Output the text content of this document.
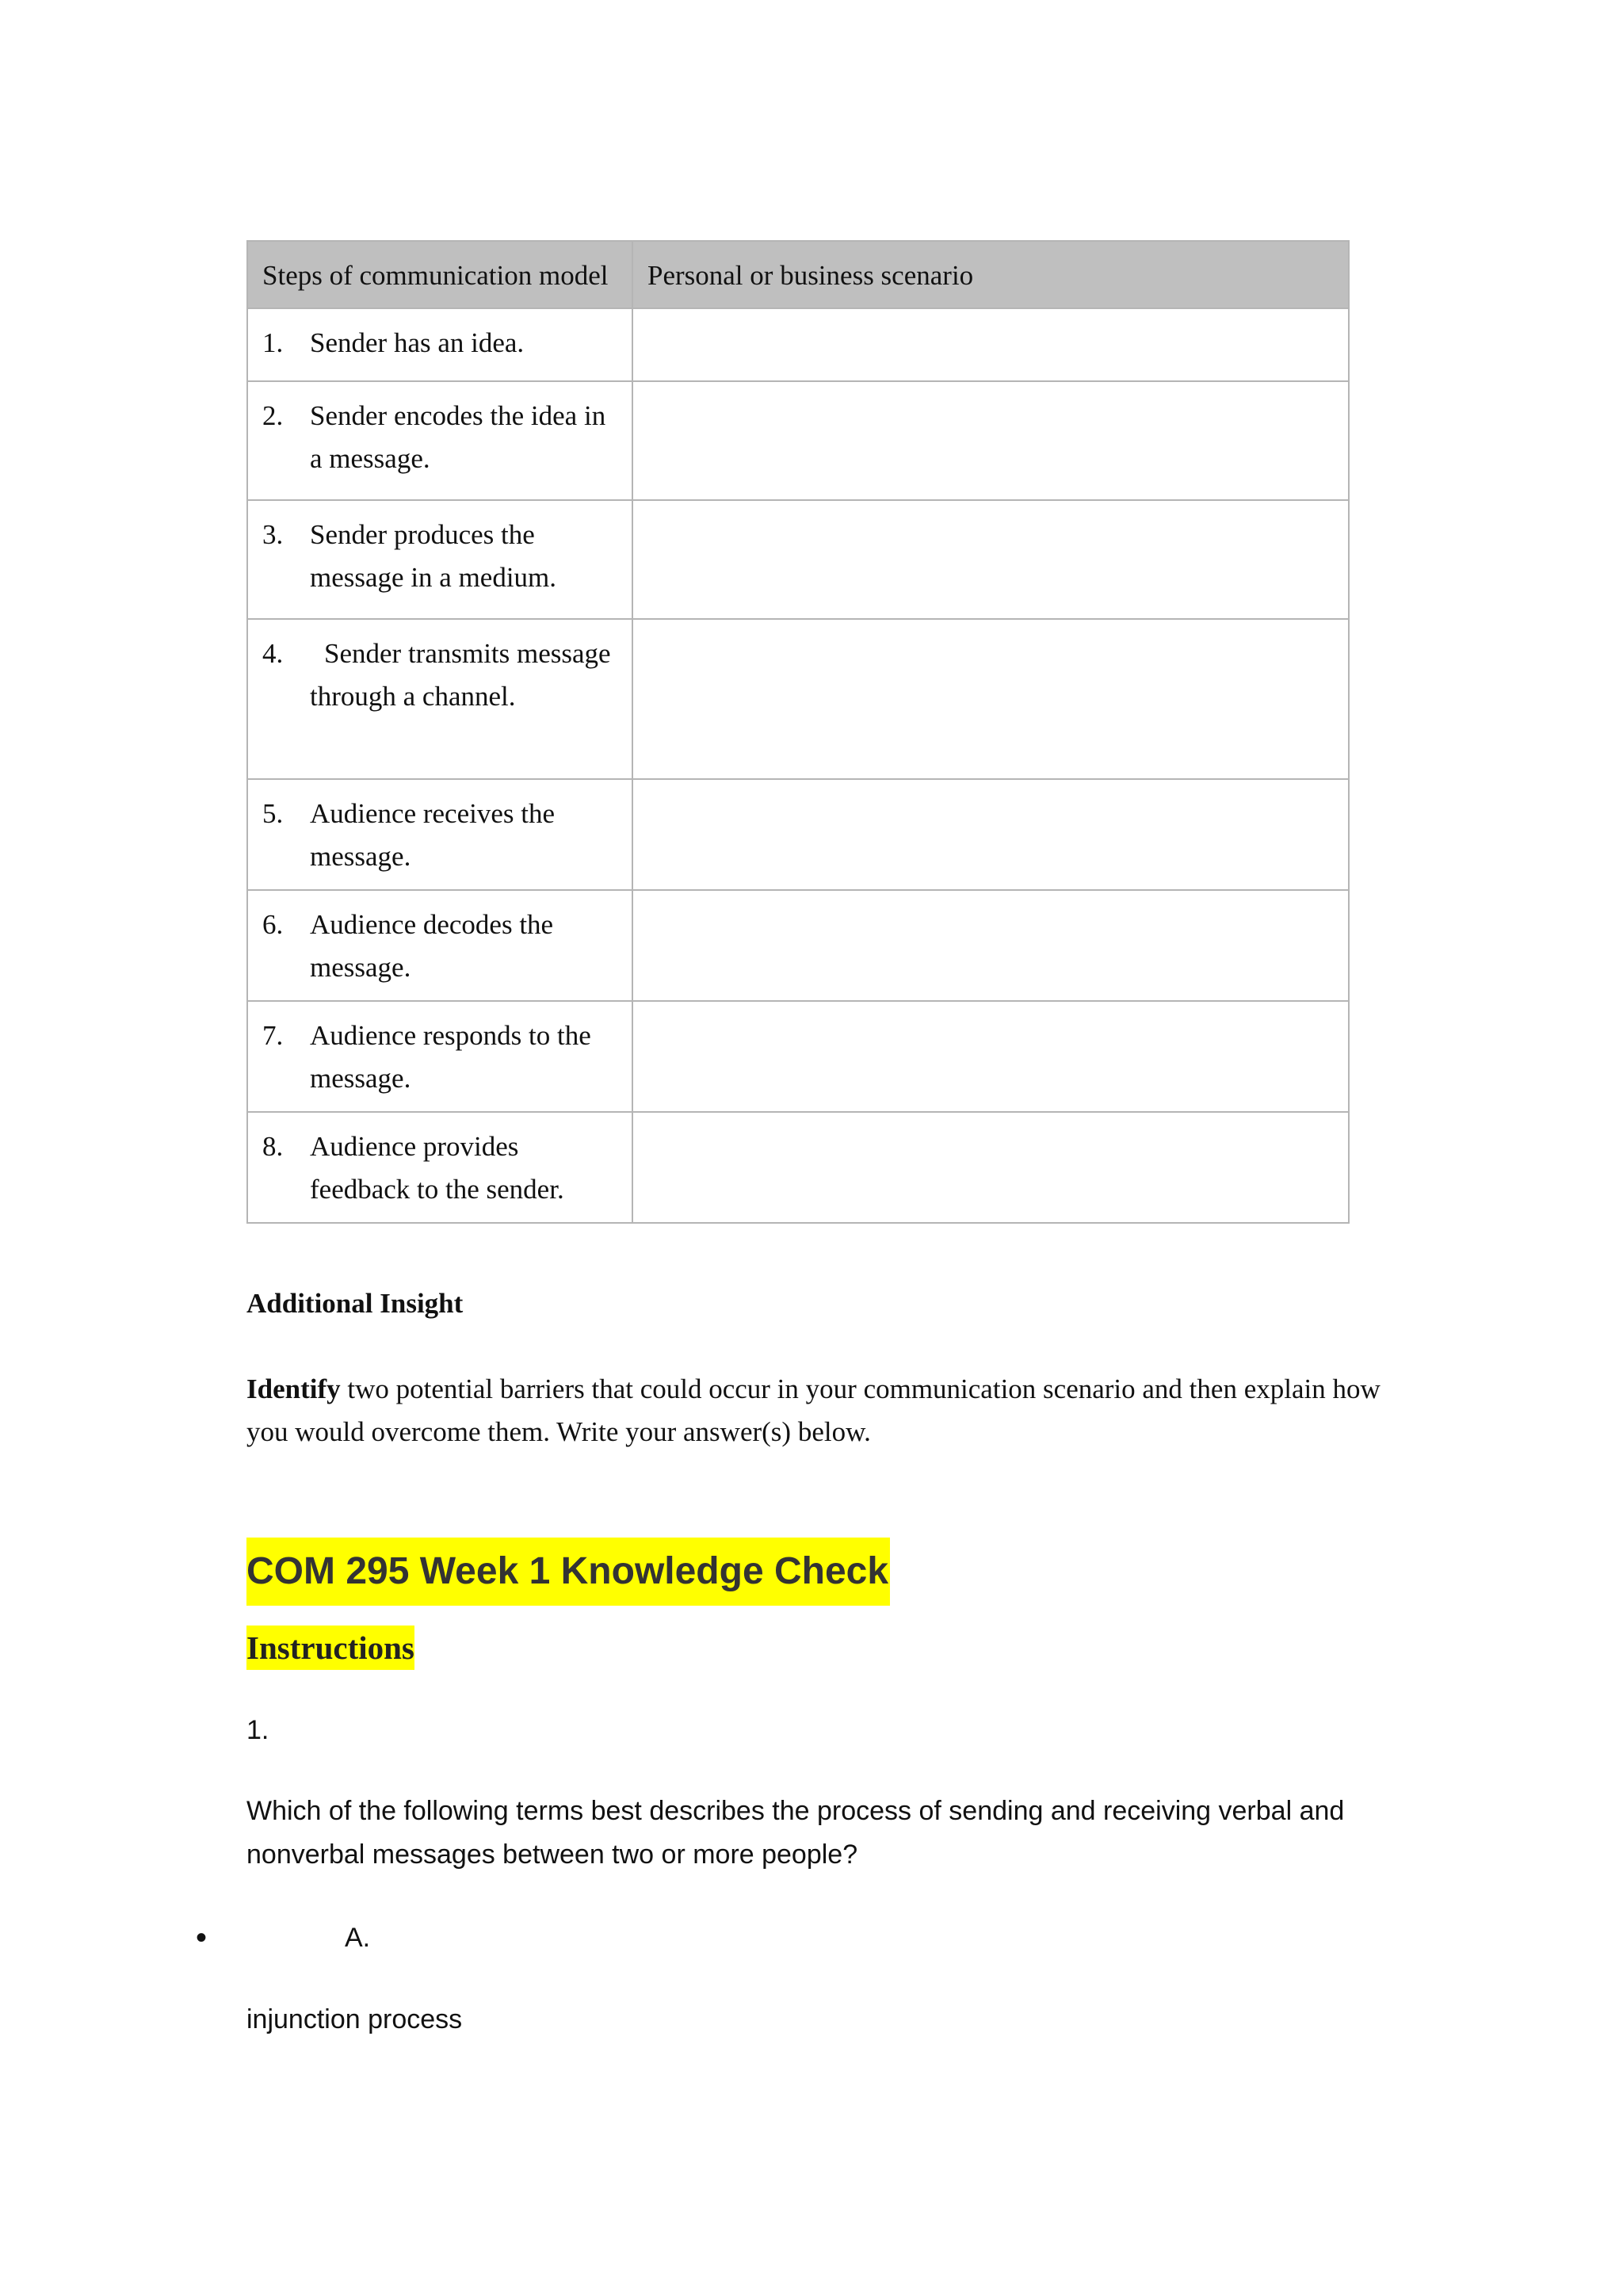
Steps of communication model	Personal or business scenario

1. Sender has an idea.	

2. Sender encodes the idea in a message.	

3. Sender produces the message in a medium.	

4. Sender transmits message through a channel.	

5. Audience receives the message.	

6. Audience decodes the message.	

7. Audience responds to the message.	

8. Audience provides feedback to the sender.	

Additional Insight
Identify two potential barriers that could occur in your communication scenario and then explain how you would overcome them. Write your answer(s) below.
COM 295 Week 1 Knowledge Check
Instructions
1.
Which of the following terms best describes the process of sending and receiving verbal and nonverbal messages between two or more people?
•	A.
injunction process
